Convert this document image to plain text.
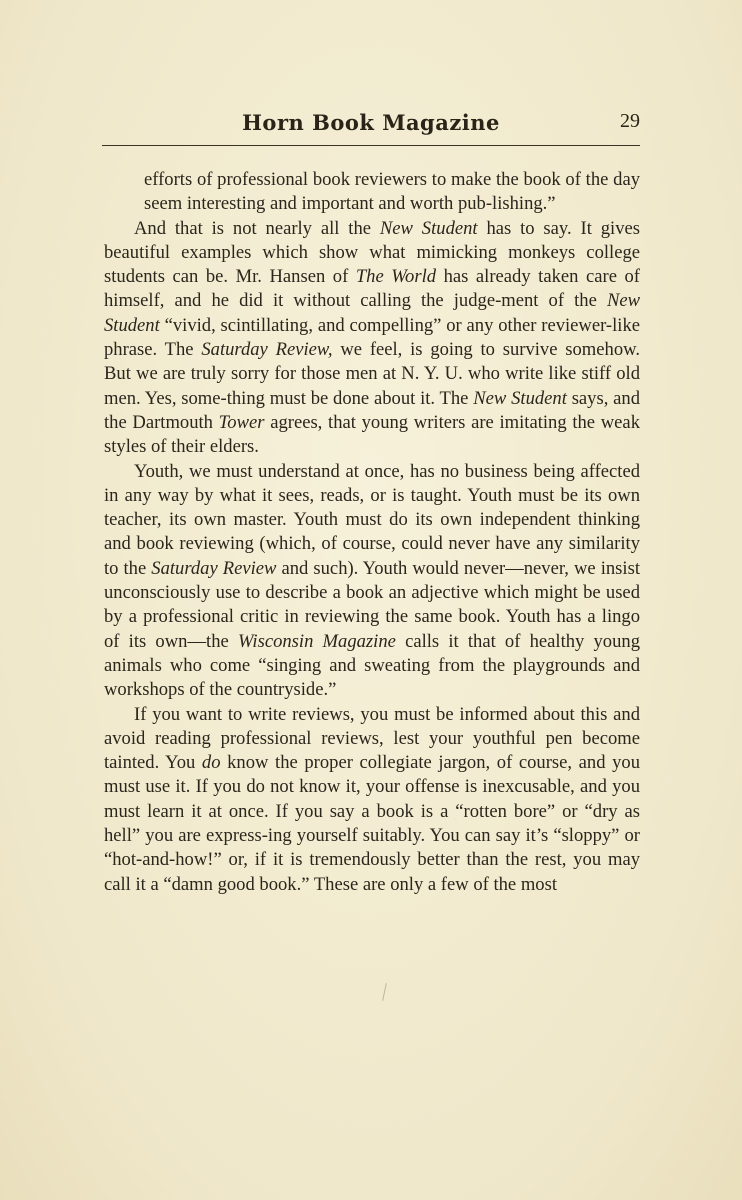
Horn Book Magazine	29

efforts of professional book reviewers to make the book of the day seem interesting and important and worth pub-lishing.”

And that is not nearly all the New Student has to say. It gives beautiful examples which show what mimicking monkeys college students can be. Mr. Hansen of The World has already taken care of himself, and he did it without calling the judge-ment of the New Student “vivid, scintillating, and compelling” or any other reviewer-like phrase. The Saturday Review, we feel, is going to survive somehow. But we are truly sorry for those men at N. Y. U. who write like stiff old men. Yes, some-thing must be done about it. The New Student says, and the Dartmouth Tower agrees, that young writers are imitating the weak styles of their elders.

Youth, we must understand at once, has no business being affected in any way by what it sees, reads, or is taught. Youth must be its own teacher, its own master. Youth must do its own independent thinking and book reviewing (which, of course, could never have any similarity to the Saturday Review and such). Youth would never—never, we insist unconsciously use to describe a book an adjective which might be used by a professional critic in reviewing the same book. Youth has a lingo of its own—the Wisconsin Magazine calls it that of healthy young animals who come “singing and sweating from the playgrounds and workshops of the countryside.”

If you want to write reviews, you must be informed about this and avoid reading professional reviews, lest your youthful pen become tainted. You do know the proper collegiate jargon, of course, and you must use it. If you do not know it, your offense is inexcusable, and you must learn it at once. If you say a book is a “rotten bore” or “dry as hell” you are express-ing yourself suitably. You can say it’s “sloppy” or “hot-and-how!” or, if it is tremendously better than the rest, you may call it a “damn good book.” These are only a few of the most
